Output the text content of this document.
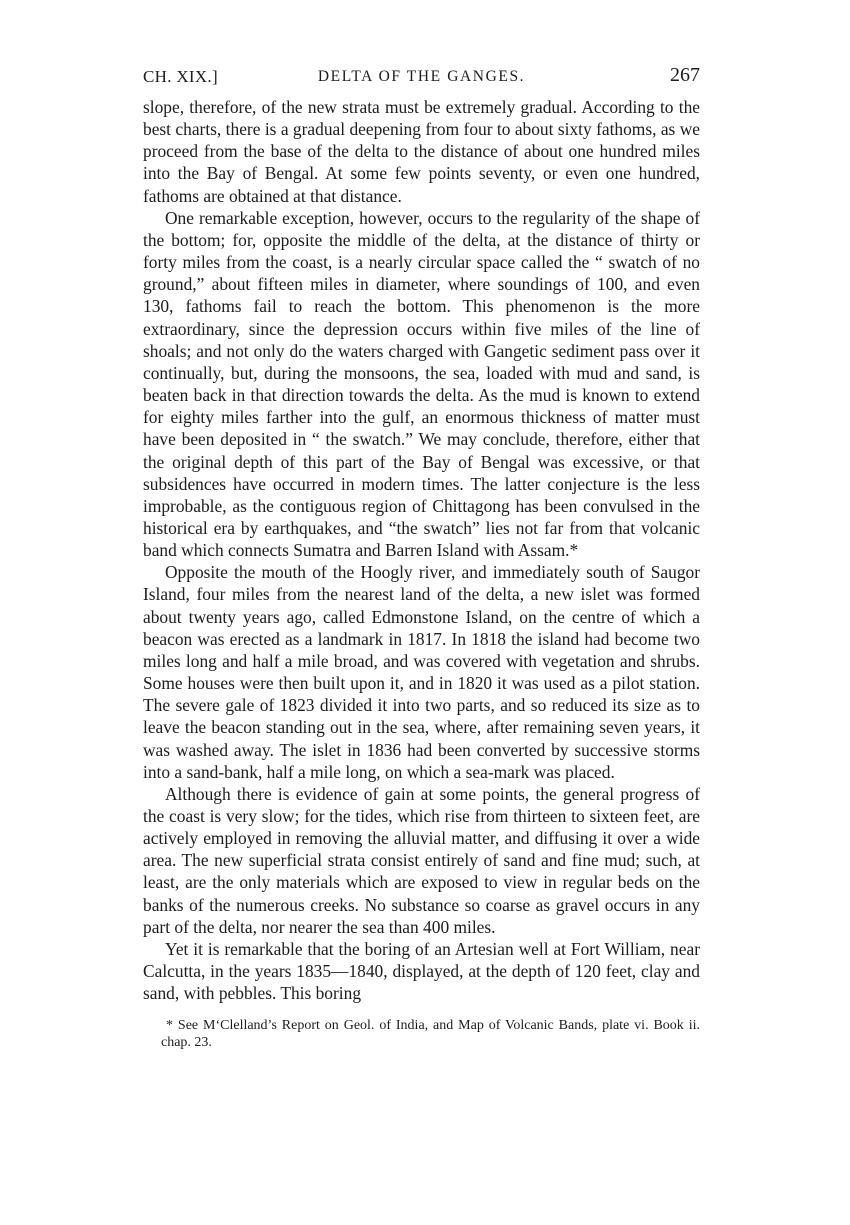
CH. XIX.]	DELTA OF THE GANGES.	267

slope, therefore, of the new strata must be extremely gradual. According to the best charts, there is a gradual deepening from four to about sixty fathoms, as we proceed from the base of the delta to the distance of about one hundred miles into the Bay of Bengal. At some few points seventy, or even one hundred, fathoms are obtained at that distance.

One remarkable exception, however, occurs to the regularity of the shape of the bottom; for, opposite the middle of the delta, at the distance of thirty or forty miles from the coast, is a nearly circular space called the “ swatch of no ground,” about fifteen miles in diameter, where soundings of 100, and even 130, fathoms fail to reach the bottom. This phenomenon is the more extraordinary, since the depression occurs within five miles of the line of shoals; and not only do the waters charged with Gangetic sediment pass over it continually, but, during the monsoons, the sea, loaded with mud and sand, is beaten back in that direction towards the delta. As the mud is known to extend for eighty miles farther into the gulf, an enormous thickness of matter must have been deposited in “ the swatch.” We may conclude, therefore, either that the original depth of this part of the Bay of Bengal was excessive, or that subsidences have occurred in modern times. The latter conjecture is the less improbable, as the contiguous region of Chittagong has been convulsed in the historical era by earthquakes, and “the swatch” lies not far from that volcanic band which connects Sumatra and Barren Island with Assam.*

Opposite the mouth of the Hoogly river, and immediately south of Saugor Island, four miles from the nearest land of the delta, a new islet was formed about twenty years ago, called Edmonstone Island, on the centre of which a beacon was erected as a landmark in 1817. In 1818 the island had become two miles long and half a mile broad, and was covered with vegetation and shrubs. Some houses were then built upon it, and in 1820 it was used as a pilot station. The severe gale of 1823 divided it into two parts, and so reduced its size as to leave the beacon standing out in the sea, where, after remaining seven years, it was washed away. The islet in 1836 had been converted by successive storms into a sand-bank, half a mile long, on which a sea-mark was placed.

Although there is evidence of gain at some points, the general progress of the coast is very slow; for the tides, which rise from thirteen to sixteen feet, are actively employed in removing the alluvial matter, and diffusing it over a wide area. The new superficial strata consist entirely of sand and fine mud; such, at least, are the only materials which are exposed to view in regular beds on the banks of the numerous creeks. No substance so coarse as gravel occurs in any part of the delta, nor nearer the sea than 400 miles.

Yet it is remarkable that the boring of an Artesian well at Fort William, near Calcutta, in the years 1835—1840, displayed, at the depth of 120 feet, clay and sand, with pebbles. This boring

* See M‘Clelland’s Report on Geol. of India, and Map of Volcanic Bands, plate vi. Book ii. chap. 23.
